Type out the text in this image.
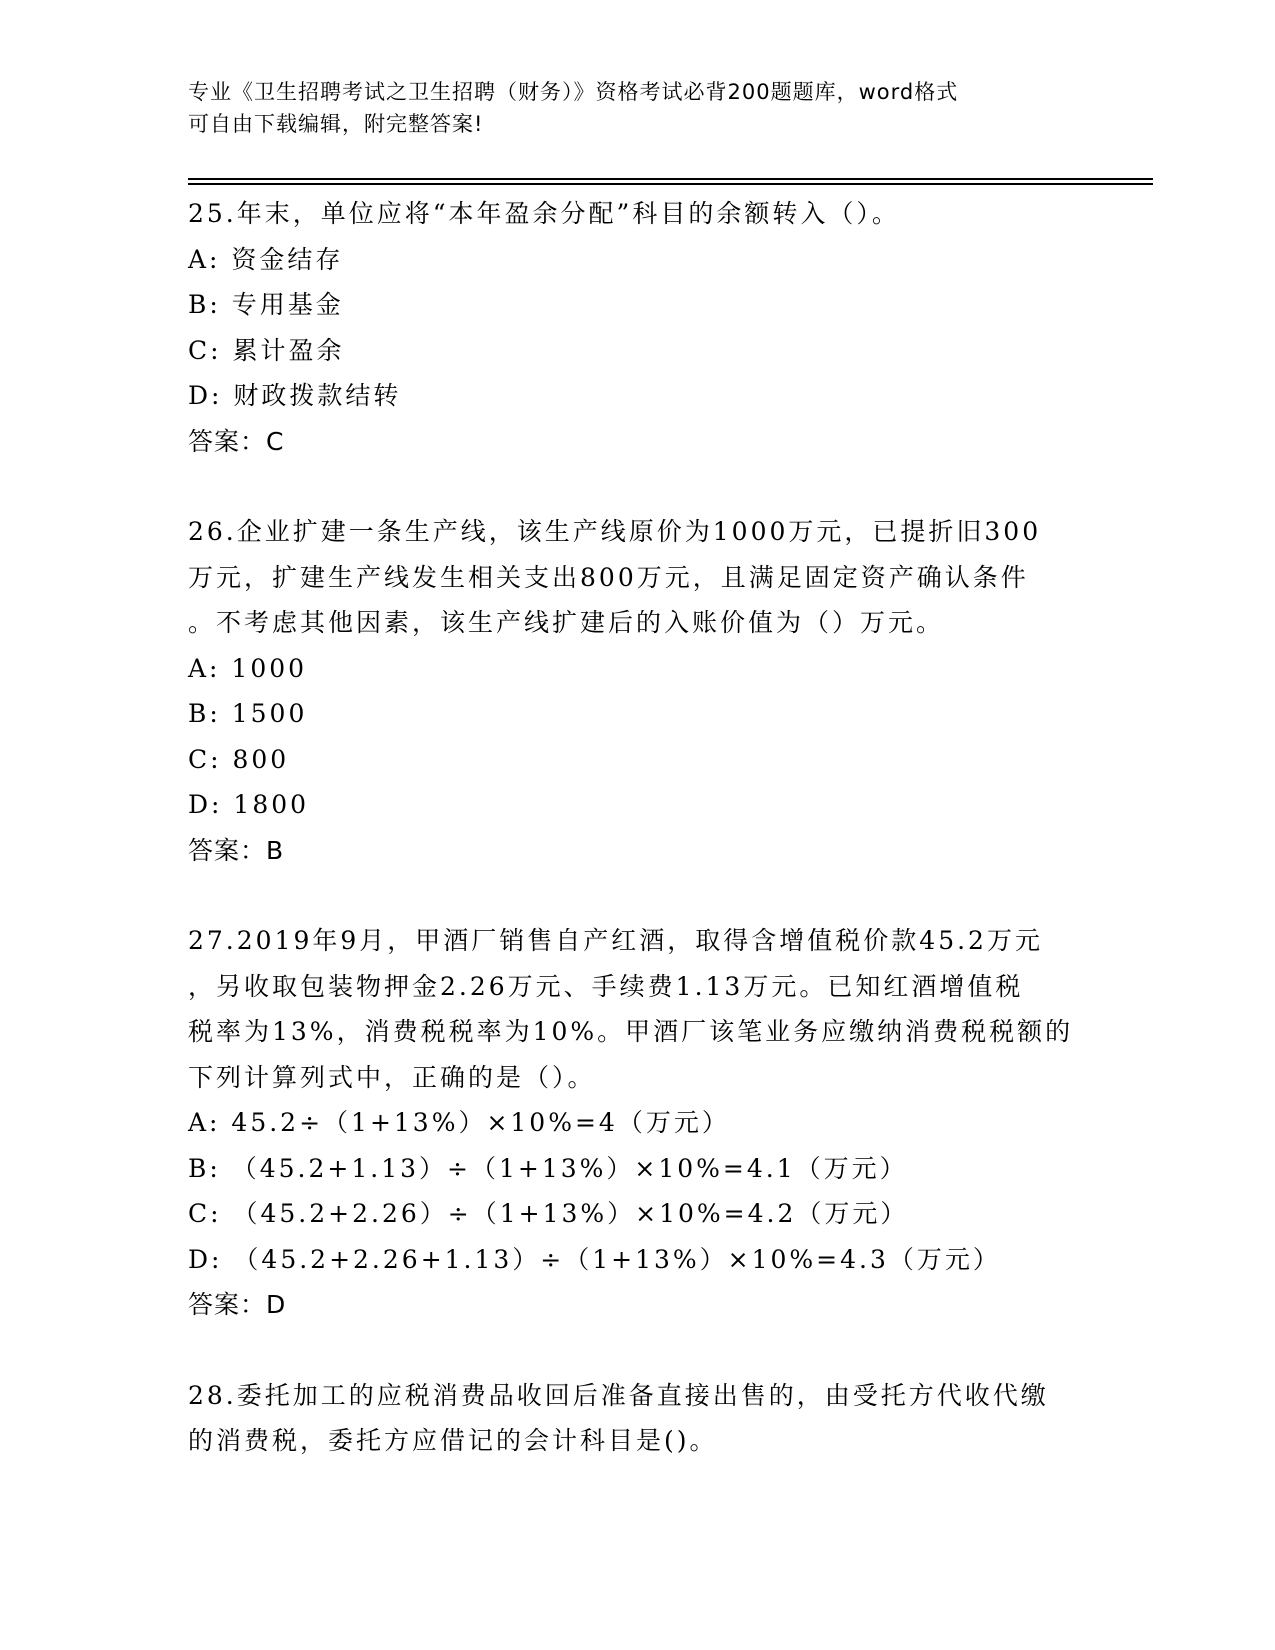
专业《卫生招聘考试之卫生招聘（财务）》资格考试必背200题题库，word格式
可自由下载编辑，附完整答案!
25.年末，单位应将“本年盈余分配”科目的余额转入（）。
A: 资金结存
B: 专用基金
C: 累计盈余
D: 财政拨款结转
答案：C
26.企业扩建一条生产线，该生产线原价为1000万元，已提折旧300
万元，扩建生产线发生相关支出800万元，且满足固定资产确认条件
。不考虑其他因素，该生产线扩建后的入账价值为（）万元。
A: 1000
B: 1500
C: 800
D: 1800
答案：B
27.2019年9月，甲酒厂销售自产红酒，取得含增值税价款45.2万元
，另收取包装物押金2.26万元、手续费1.13万元。已知红酒增值税
税率为13%，消费税税率为10%。甲酒厂该笔业务应缴纳消费税税额的
下列计算列式中，正确的是（）。
A: 45.2÷（1+13%）×10%=4（万元）
B: （45.2+1.13）÷（1+13%）×10%=4.1（万元）
C: （45.2+2.26）÷（1+13%）×10%=4.2（万元）
D: （45.2+2.26+1.13）÷（1+13%）×10%=4.3（万元）
答案：D
28.委托加工的应税消费品收回后准备直接出售的，由受托方代收代缴
的消费税，委托方应借记的会计科目是()。
